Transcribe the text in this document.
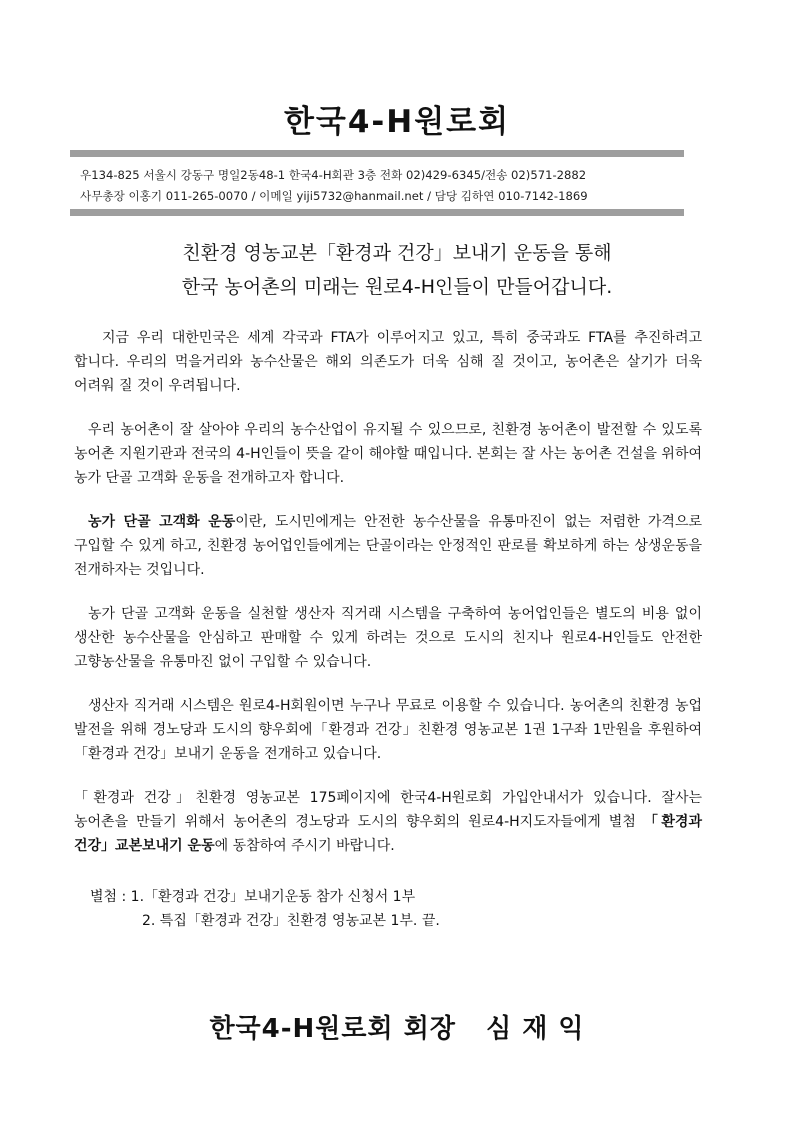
한국4-H원로회
우134-825 서울시 강동구 명일2동48-1 한국4-H회관 3층 전화 02)429-6345/전송 02)571-2882
사무총장 이홍기 011-265-0070 / 이메일 yiji5732@hanmail.net / 담당 김하연 010-7142-1869
친환경 영농교본「환경과 건강」보내기 운동을 통해
한국 농어촌의 미래는 원로4-H인들이 만들어갑니다.

지금 우리 대한민국은 세계 각국과 FTA가 이루어지고 있고, 특히 중국과도 FTA를 추진하려고 합니다. 우리의 먹을거리와 농수산물은 해외 의존도가 더욱 심해 질 것이고, 농어촌은 살기가 더욱 어려워 질 것이 우려됩니다.

우리 농어촌이 잘 살아야 우리의 농수산업이 유지될 수 있으므로, 친환경 농어촌이 발전할 수 있도록 농어촌 지원기관과 전국의 4-H인들이 뜻을 같이 해야할 때입니다. 본회는 잘 사는 농어촌 건설을 위하여 농가 단골 고객화 운동을 전개하고자 합니다.

농가 단골 고객화 운동이란, 도시민에게는 안전한 농수산물을 유통마진이 없는 저렴한 가격으로 구입할 수 있게 하고, 친환경 농어업인들에게는 단골이라는 안정적인 판로를 확보하게 하는 상생운동을 전개하자는 것입니다.

농가 단골 고객화 운동을 실천할 생산자 직거래 시스템을 구축하여 농어업인들은 별도의 비용 없이 생산한 농수산물을 안심하고 판매할 수 있게 하려는 것으로 도시의 친지나 원로4-H인들도 안전한 고향농산물을 유통마진 없이 구입할 수 있습니다.

생산자 직거래 시스템은 원로4-H회원이면 누구나 무료로 이용할 수 있습니다. 농어촌의 친환경 농업 발전을 위해 경노당과 도시의 향우회에「환경과 건강」친환경 영농교본 1권 1구좌 1만원을 후원하여「환경과 건강」보내기 운동을 전개하고 있습니다.

「환경과 건강」친환경 영농교본 175페이지에 한국4-H원로회 가입안내서가 있습니다. 잘사는 농어촌을 만들기 위해서 농어촌의 경노당과 도시의 향우회의 원로4-H지도자들에게 별첨 「환경과 건강」교본보내기 운동에 동참하여 주시기 바랍니다.

별첨 : 1.「환경과 건강」보내기운동 참가 신청서 1부
2. 특집「환경과 건강」친환경 영농교본 1부. 끝.
한국4-H원로회 회장   심 재 익
